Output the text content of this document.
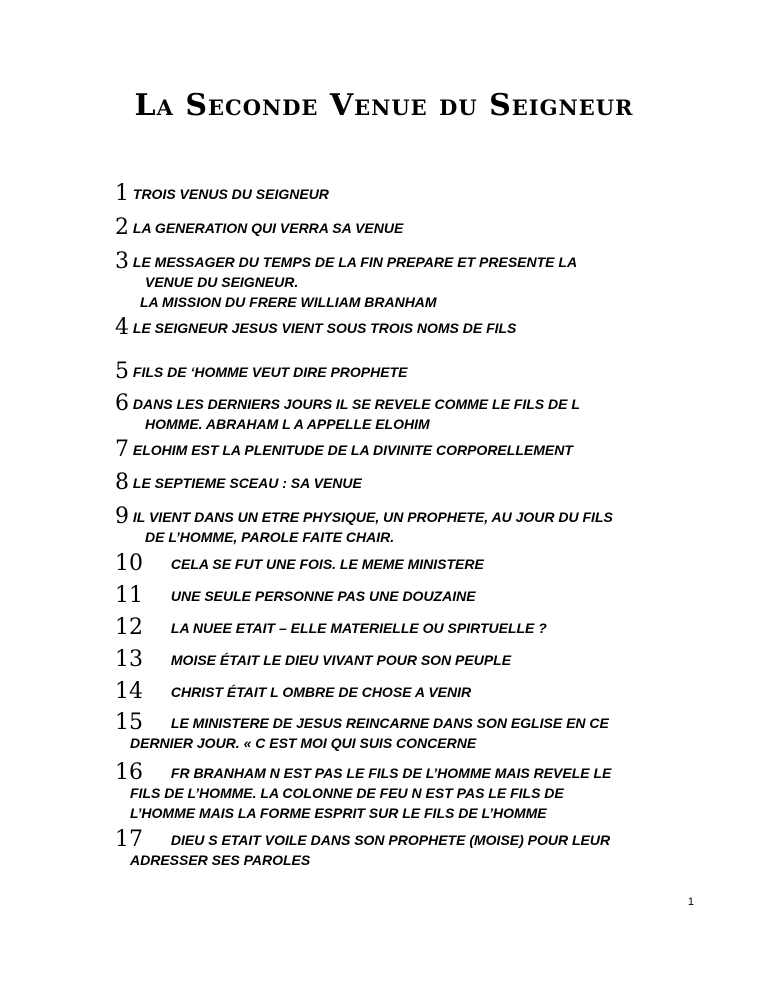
La Seconde Venue du Seigneur
1 TROIS VENUS DU SEIGNEUR
2 LA GENERATION QUI VERRA SA VENUE
3 LE MESSAGER DU TEMPS DE LA FIN PREPARE ET PRESENTE LA
VENUE DU SEIGNEUR.
LA MISSION DU FRERE WILLIAM BRANHAM
4 LE SEIGNEUR JESUS VIENT SOUS TROIS NOMS DE FILS
5 FILS DE ‘HOMME VEUT DIRE PROPHETE
6 DANS LES DERNIERS JOURS IL SE REVELE COMME LE FILS DE L
HOMME. ABRAHAM L A APPELLE ELOHIM
7 ELOHIM EST LA PLENITUDE DE LA DIVINITE CORPORELLEMENT
8 LE SEPTIEME SCEAU : SA VENUE
9 IL VIENT DANS UN ETRE PHYSIQUE, UN PROPHETE, AU JOUR DU FILS
DE L’HOMME, PAROLE FAITE CHAIR.
10 CELA SE FUT UNE FOIS. LE MEME MINISTERE
11 UNE SEULE PERSONNE PAS UNE DOUZAINE
12 LA NUEE ETAIT – ELLE MATERIELLE OU SPIRTUELLE ?
13 MOISE ÉTAIT LE DIEU VIVANT POUR SON PEUPLE
14 CHRIST ÉTAIT L OMBRE DE CHOSE A VENIR
15 LE MINISTERE DE JESUS REINCARNE DANS SON EGLISE EN CE
DERNIER JOUR. « C EST MOI QUI SUIS CONCERNE
16 FR BRANHAM N EST PAS LE FILS DE L’HOMME MAIS REVELE LE
FILS DE L’HOMME. LA COLONNE DE FEU N EST PAS LE FILS DE
L’HOMME MAIS LA FORME ESPRIT SUR LE FILS DE L’HOMME
17 DIEU S ETAIT VOILE DANS SON PROPHETE (MOISE) POUR LEUR
ADRESSER SES PAROLES
1
